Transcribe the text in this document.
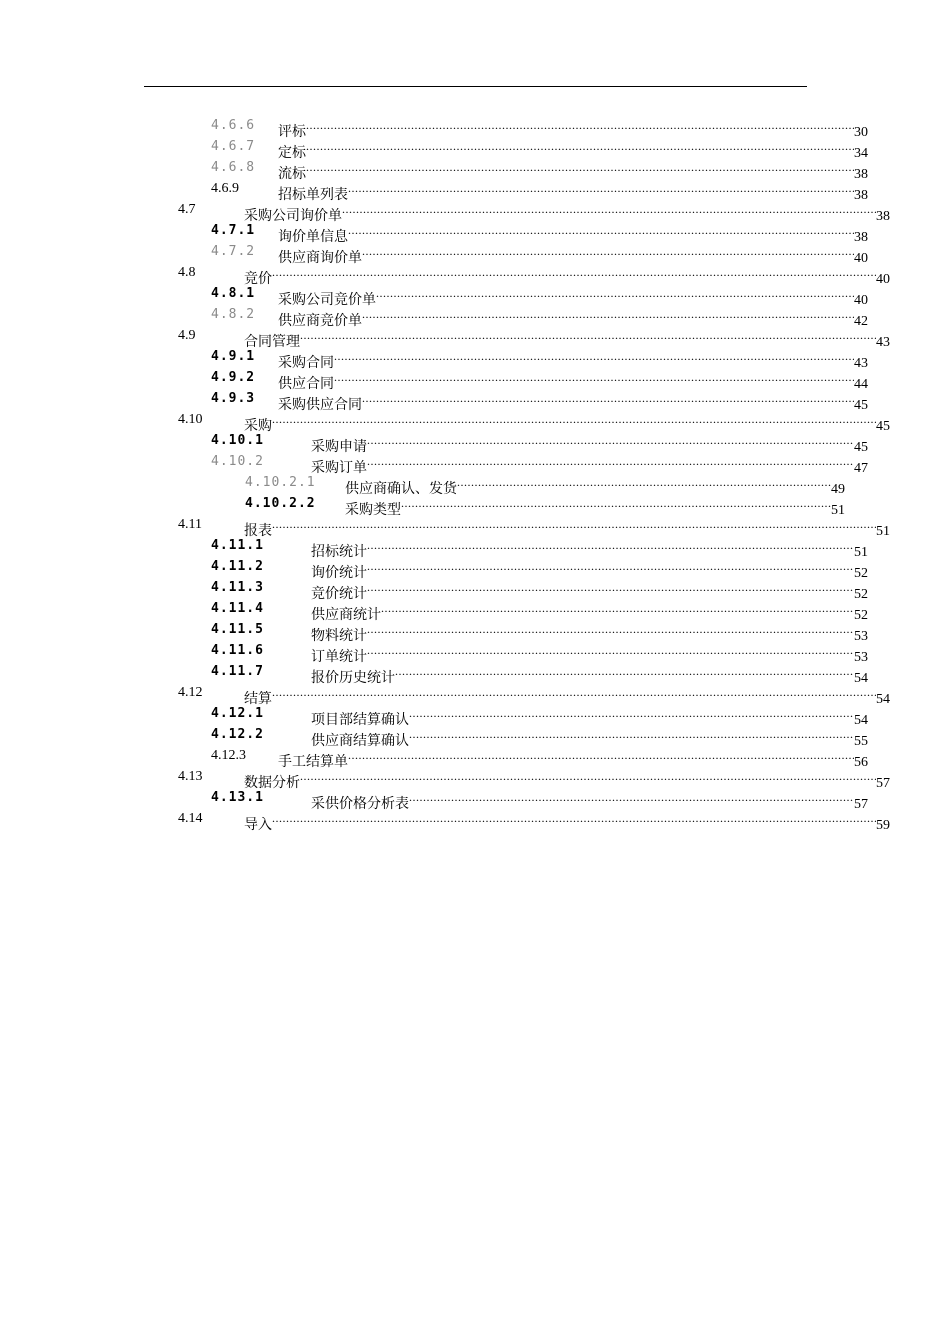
4.6.6 评标 .....	30
4.6.7 定标 .....	34
4.6.8 流标 .....	38
4.6.9	招标单列表 .....	38
4.7	采购公司询价单 .....	38
4.7.1 询价单信息 .....	38
4.7.2 供应商询价单 .....	40
4.8	竞价 .....	40
4.8.1 采购公司竞价单 .....	40
4.8.2 供应商竞价单 .....	42
4.9	合同管理 .....	43
4.9.1 采购合同 .....	43
4.9.2 供应合同 .....	44
4.9.3 采购供应合同 .....	45
4.10	采购 .....	45
4.10.1	采购申请 .....	45
4.10.2	采购订单 .....	47
4.10.2.1 供应商确认、发货 .....	49
4.10.2.2 采购类型 .....	51
4.11	报表 .....	51
4.11.1	招标统计 .....	51
4.11.2	询价统计 .....	52
4.11.3	竞价统计 .....	52
4.11.4	供应商统计 .....	52
4.11.5	物料统计 .....	53
4.11.6	订单统计 .....	53
4.11.7	报价历史统计 .....	54
4.12	结算 .....	54
4.12.1	项目部结算确认 .....	54
4.12.2	供应商结算确认 .....	55
4.12.3 手工结算单 .....	56
4.13	数据分析 .....	57
4.13.1	采供价格分析表 .....	57
4.14	导入 .....	59
